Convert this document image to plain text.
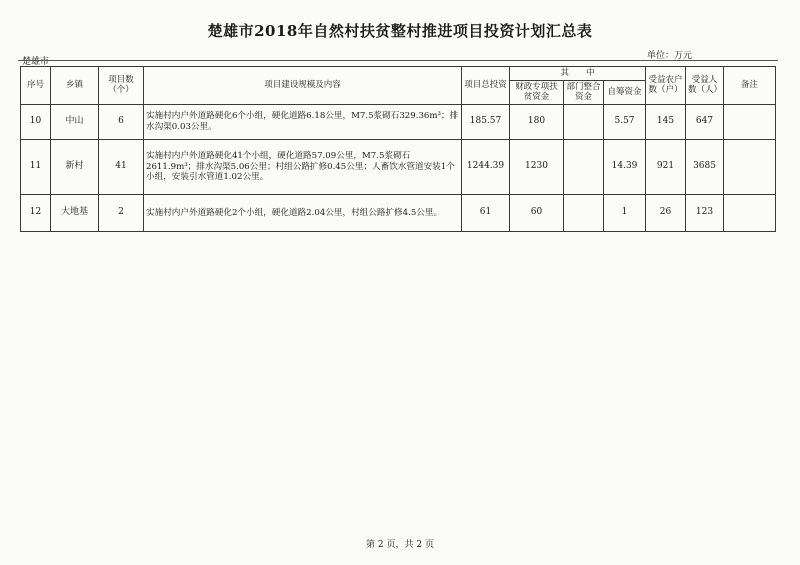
楚雄市2018年自然村扶贫整村推进项目投资计划汇总表
单位：万元
楚雄市
序号	乡镇	项目数（个）	项目建设规模及内容	项目总投资	其　　中			受益农户数（户）	受益人数（人）	备注
					财政专项扶贫资金	部门整合资金	自筹资金			
10	中山	6	实施村内户外道路硬化6个小组，硬化道路6.18公里，M7.5浆砌石329.36m³；排水沟渠0.03公里。	185.57	180		5.57	145	647	
11	新村	41	实施村内户外道路硬化41个小组，硬化道路57.09公里，M7.5浆砌石2611.9m³；排水沟渠5.06公里；村组公路扩修0.45公里；人畜饮水管道安装1个小组，安装引水管道1.02公里。	1244.39	1230		14.39	921	3685	
12	大地基	2	实施村内户外道路硬化2个小组，硬化道路2.04公里，村组公路扩修4.5公里。	61	60		1	26	123	
第 2 页，共 2 页
